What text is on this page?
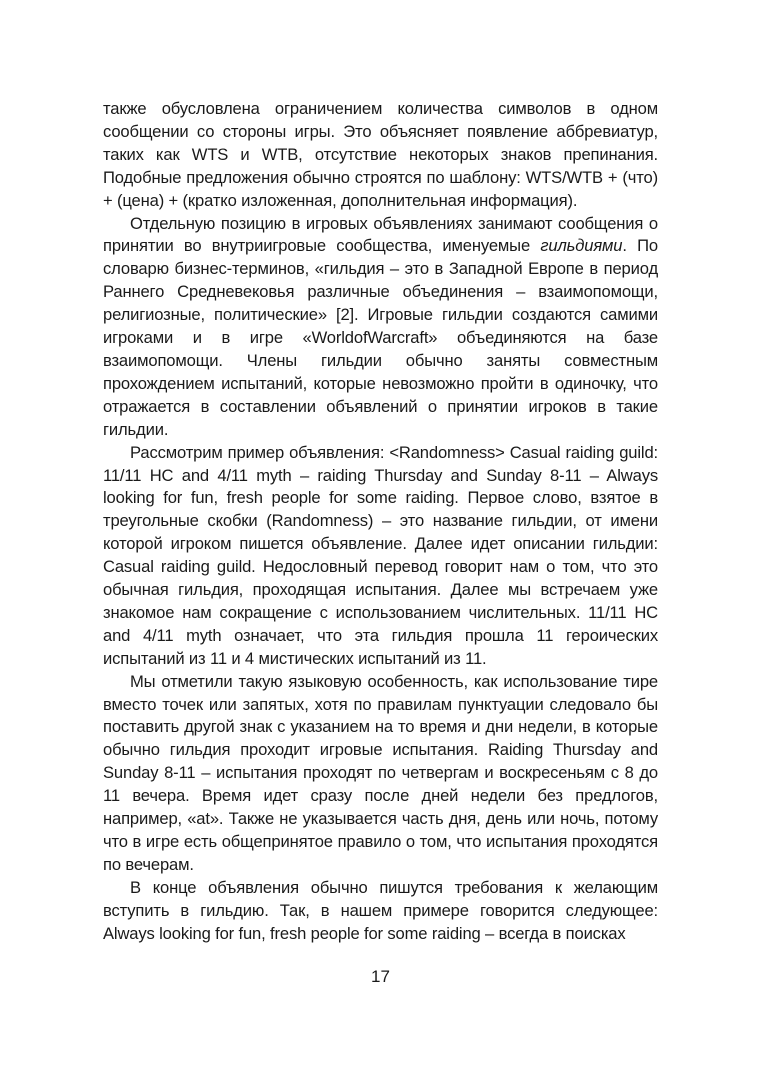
также обусловлена ограничением количества символов в одном сообщении со стороны игры. Это объясняет появление аббревиатур, таких как WTS и WTB, отсутствие некоторых знаков препинания. Подобные предложения обычно строятся по шаблону: WTS/WTB + (что) + (цена) + (кратко изложенная, дополнительная информация).

Отдельную позицию в игровых объявлениях занимают сообщения о принятии во внутриигровые сообщества, именуемые гильдиями. По словарю бизнес-терминов, «гильдия – это в Западной Европе в период Раннего Средневековья различные объединения – взаимопомощи, религиозные, политические» [2]. Игровые гильдии создаются самими игроками и в игре «WorldofWarcraft» объединяются на базе взаимопомощи. Члены гильдии обычно заняты совместным прохождением испытаний, которые невозможно пройти в одиночку, что отражается в составлении объявлений о принятии игроков в такие гильдии.

Рассмотрим пример объявления: <Randomness> Casual raiding guild: 11/11 HC and 4/11 myth – raiding Thursday and Sunday 8-11 – Always looking for fun, fresh people for some raiding. Первое слово, взятое в треугольные скобки (Randomness) – это название гильдии, от имени которой игроком пишется объявление. Далее идет описании гильдии: Casual raiding guild. Недословный перевод говорит нам о том, что это обычная гильдия, проходящая испытания. Далее мы встречаем уже знакомое нам сокращение с использованием числительных. 11/11 HC and 4/11 myth означает, что эта гильдия прошла 11 героических испытаний из 11 и 4 мистических испытаний из 11.

Мы отметили такую языковую особенность, как использование тире вместо точек или запятых, хотя по правилам пунктуации следовало бы поставить другой знак с указанием на то время и дни недели, в которые обычно гильдия проходит игровые испытания. Raiding Thursday and Sunday 8-11 – испытания проходят по четвергам и воскресеньям с 8 до 11 вечера. Время идет сразу после дней недели без предлогов, например, «at». Также не указывается часть дня, день или ночь, потому что в игре есть общепринятое правило о том, что испытания проходятся по вечерам.

В конце объявления обычно пишутся требования к желающим вступить в гильдию. Так, в нашем примере говорится следующее: Always looking for fun, fresh people for some raiding – всегда в поисках

17
